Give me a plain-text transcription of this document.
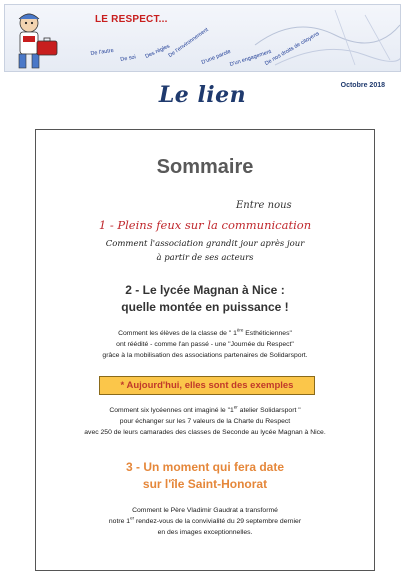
LE RESPECT...
De l'autre
De soi Des règles
De l'environnement
D'une parole
D'un engagement
De nos droits de citoyens
Le lien	Octobre 2018
Sommaire
Entre nous
1 - Pleins feux sur la communication
Comment l'association grandit jour après jour
à partir de ses acteurs
2 - Le lycée Magnan à Nice :
quelle montée en puissance !
Comment les élèves de la classe de " 1ère Esthéticiennes"
ont réédité - comme l'an passé - une "Journée du Respect"
grâce à la mobilisation des associations partenaires de Solidarsport.
* Aujourd'hui, elles sont des exemples
Comment six lycéennes ont imaginé le "1er atelier Solidarsport "
pour échanger sur les 7 valeurs de la Charte du Respect
avec 250 de leurs camarades des classes de Seconde au lycée Magnan à Nice.
3 - Un moment qui fera date
sur l'île Saint-Honorat
Comment le Père Vladimir Gaudrat a transformé
notre 1er rendez-vous de la convivialité du 29 septembre dernier
en des images exceptionnelles.
